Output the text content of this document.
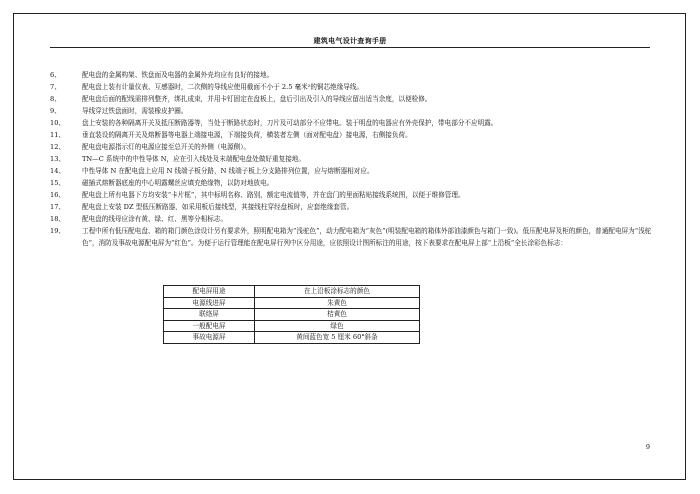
建筑电气设计查询手册
6、	配电盘的金属构架、铁盘面及电器的金属外壳均应有良好的接地。
7、	配电盘上装有计量仪表、互感器时，二次侧的导线应使用截面不小于 2.5 毫米²的铜芯绝缘导线。
8、	配电盘后面的配线需排列整齐，绑扎成束，并用卡钉固定在盘板上，盘后引出及引入的导线应留出适当余度，以便检修。
9、	导线穿过铁盘面时，需装橡皮护圈。
10、	盘上安装的各种隔离开关及抵压断路器等，当处于断路状态时，刀片及可动部分不应带电。装于明盘的电器应有外壳保护，带电部分不应明露。
11、	垂直装设的隔离开关及熔断器等电器上端接电源，下端接负荷，横装者左侧（面对配电盘）接电源，右侧接负荷。
12、	配电盘电源指示灯的电源应接至总开关的外侧（电源侧）。
13、	TN—C 系统中的中性导体 N，应在引入线处及末端配电盘处做好重复接地。
14、	中性导体 N 在配电盘上应用 N 线端子板分路，N 线端子板上分支路排列位置，应与熔断器相对应。
15、	磁插式熔断器底座的中心明露螺丝应填充绝缘物，以防对地放电。
16、	配电盘上所有电器下方均安装“卡片框”，其中标明名称、路别，额定电流值等，并在盘门的里面粘贴接线系统图，以便于维修管理。
17、	配电盘上安装 DZ 型低压断路器，如采用板后接线型，其接线柱穿经盘板时，应套绝缘套管。
18、	配电盘的线母应涂有黄、绿、红、黑等分相标志。
19、	工程中所有低压配电盘、箱的箱门颜色涂设计另有要求外，照明配电箱为“浅驼色”，动力配电箱为“灰色”(明装配电箱的箱体外部油漆颜色与箱门一致)。低压配电屏及柜的颜色，普通配电屏为“浅驼色”，消防及事故电源配电屏为“红色”。为便于运行管理能在配电屏行列中区分用途，应依照设计图所标注的用途，按下表要求在配电屏上部“上沿板”全长涂彩色标志：
配电屏用途	在上沿板涂标志的颜色
电源线进屏	朱黄色
联络屏	桔黄色
一般配电屏	绿色
事故电源屏	黄间蓝色宽 5 厘米 60°斜条
9
